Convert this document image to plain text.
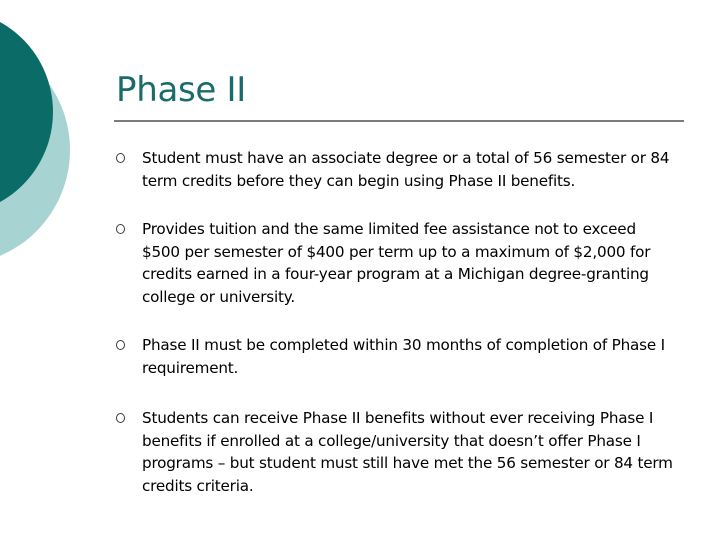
Phase II
Student must have an associate degree or a total of 56 semester or 84 term credits before they can begin using Phase II benefits.
Provides tuition and the same limited fee assistance not to exceed $500 per semester of $400 per term up to a maximum of $2,000 for credits earned in a four-year program at a Michigan degree-granting college or university.
Phase II must be completed within 30 months of completion of Phase I requirement.
Students can receive Phase II benefits without ever receiving Phase I benefits if enrolled at a college/university that doesn’t offer Phase I programs – but student must still have met the 56 semester or 84 term credits criteria.
